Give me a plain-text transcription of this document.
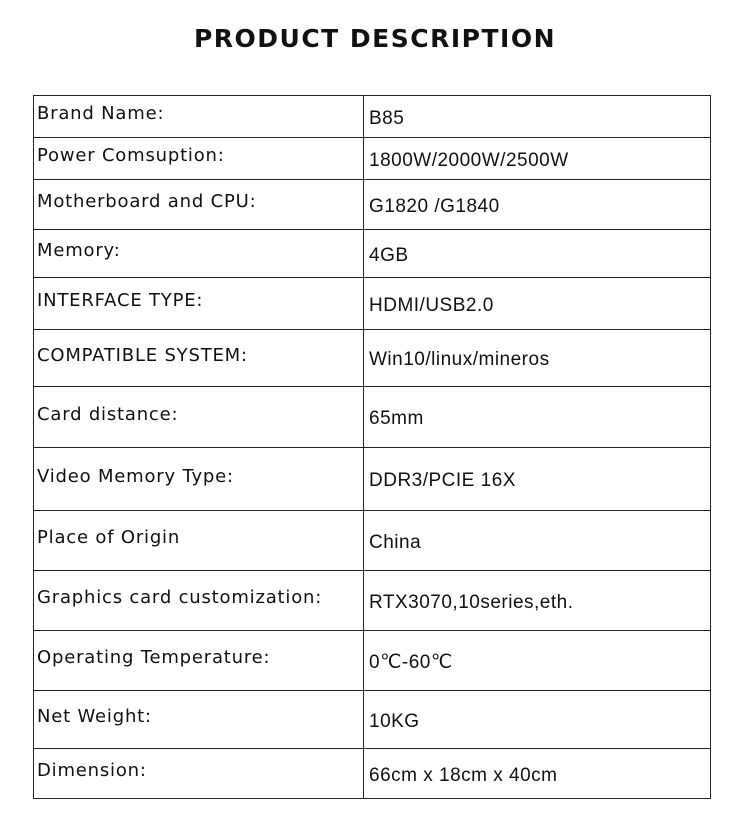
PRODUCT DESCRIPTION
Brand Name:	B85
Power Comsuption:	1800W/2000W/2500W
Motherboard and CPU:	G1820 /G1840
Memory:	4GB
INTERFACE TYPE:	HDMI/USB2.0
COMPATIBLE SYSTEM:	Win10/linux/mineros
Card distance:	65mm
Video Memory Type:	DDR3/PCIE 16X
Place of Origin	China
Graphics card customization:	RTX3070,10series,eth.
Operating Temperature:	0℃-60℃
Net Weight:	10KG
Dimension:	66cm x 18cm x 40cm
